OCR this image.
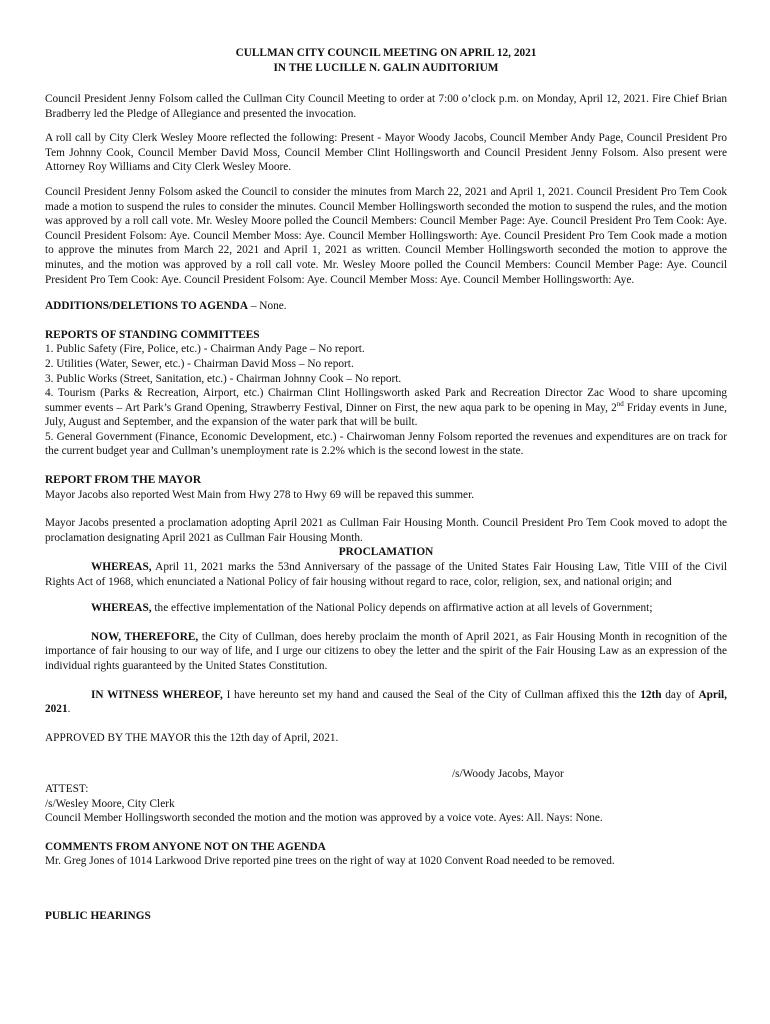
CULLMAN CITY COUNCIL MEETING ON APRIL 12, 2021
IN THE LUCILLE N. GALIN AUDITORIUM

Council President Jenny Folsom called the Cullman City Council Meeting to order at 7:00 o’clock p.m. on Monday, April 12, 2021. Fire Chief Brian Bradberry led the Pledge of Allegiance and presented the invocation.

A roll call by City Clerk Wesley Moore reflected the following: Present - Mayor Woody Jacobs, Council Member Andy Page, Council President Pro Tem Johnny Cook, Council Member David Moss, Council Member Clint Hollingsworth and Council President Jenny Folsom. Also present were Attorney Roy Williams and City Clerk Wesley Moore.

Council President Jenny Folsom asked the Council to consider the minutes from March 22, 2021 and April 1, 2021. Council President Pro Tem Cook made a motion to suspend the rules to consider the minutes. Council Member Hollingsworth seconded the motion to suspend the rules, and the motion was approved by a roll call vote. Mr. Wesley Moore polled the Council Members: Council Member Page: Aye. Council President Pro Tem Cook: Aye. Council President Folsom: Aye. Council Member Moss: Aye. Council Member Hollingsworth: Aye. Council President Pro Tem Cook made a motion to approve the minutes from March 22, 2021 and April 1, 2021 as written. Council Member Hollingsworth seconded the motion to approve the minutes, and the motion was approved by a roll call vote. Mr. Wesley Moore polled the Council Members: Council Member Page: Aye. Council President Pro Tem Cook: Aye. Council President Folsom: Aye. Council Member Moss: Aye. Council Member Hollingsworth: Aye.

ADDITIONS/DELETIONS TO AGENDA – None.

REPORTS OF STANDING COMMITTEES

1. Public Safety (Fire, Police, etc.) - Chairman Andy Page – No report.

2. Utilities (Water, Sewer, etc.) - Chairman David Moss – No report.

3. Public Works (Street, Sanitation, etc.) - Chairman Johnny Cook – No report.

4. Tourism (Parks & Recreation, Airport, etc.) Chairman Clint Hollingsworth asked Park and Recreation Director Zac Wood to share upcoming summer events – Art Park’s Grand Opening, Strawberry Festival, Dinner on First, the new aqua park to be opening in May, 2nd Friday events in June, July, August and September, and the expansion of the water park that will be built.

5. General Government (Finance, Economic Development, etc.) - Chairwoman Jenny Folsom reported the revenues and expenditures are on track for the current budget year and Cullman’s unemployment rate is 2.2% which is the second lowest in the state.

REPORT FROM THE MAYOR

Mayor Jacobs also reported West Main from Hwy 278 to Hwy 69 will be repaved this summer.

Mayor Jacobs presented a proclamation adopting April 2021 as Cullman Fair Housing Month. Council President Pro Tem Cook moved to adopt the proclamation designating April 2021 as Cullman Fair Housing Month.

PROCLAMATION

WHEREAS, April 11, 2021 marks the 53nd Anniversary of the passage of the United States Fair Housing Law, Title VIII of the Civil Rights Act of 1968, which enunciated a National Policy of fair housing without regard to race, color, religion, sex, and national origin; and

WHEREAS, the effective implementation of the National Policy depends on affirmative action at all levels of Government;

NOW, THEREFORE, the City of Cullman, does hereby proclaim the month of April 2021, as Fair Housing Month in recognition of the importance of fair housing to our way of life, and I urge our citizens to obey the letter and the spirit of the Fair Housing Law as an expression of the individual rights guaranteed by the United States Constitution.

IN WITNESS WHEREOF, I have hereunto set my hand and caused the Seal of the City of Cullman affixed this the 12th day of April, 2021.

APPROVED BY THE MAYOR this the 12th day of April, 2021.

/s/Woody Jacobs, Mayor

ATTEST:

/s/Wesley Moore, City Clerk

Council Member Hollingsworth seconded the motion and the motion was approved by a voice vote. Ayes: All. Nays: None.

COMMENTS FROM ANYONE NOT ON THE AGENDA

Mr. Greg Jones of 1014 Larkwood Drive reported pine trees on the right of way at 1020 Convent Road needed to be removed.

PUBLIC HEARINGS
